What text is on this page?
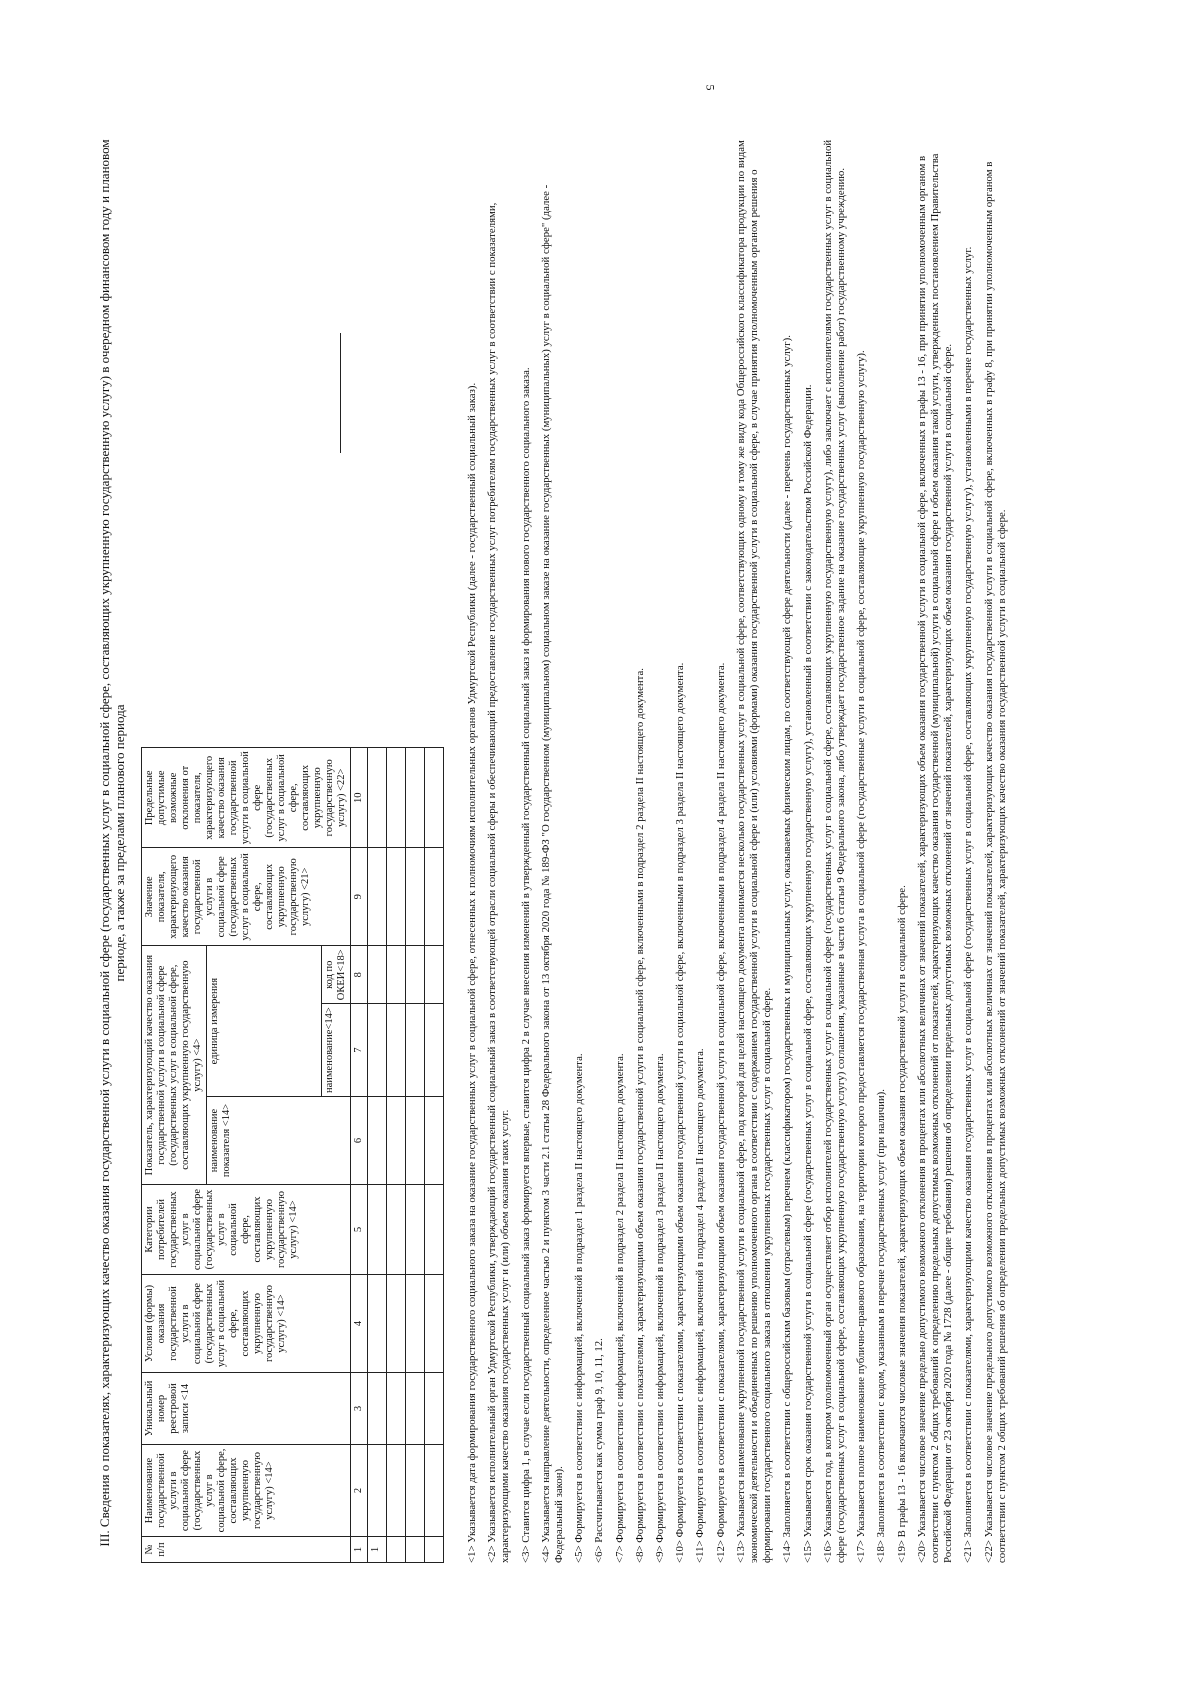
5
III. Сведения о показателях, характеризующих качество оказания государственной услуги в социальной сфере (государственных услуг в социальной сфере, составляющих укрупненную государственную услугу) в очередном финансовом году и плановом периоде, а также за пределами планового периода
№ п/п	Наименование государственной услуги в социальной сфере (государственных услуг в социальной сфере, составляющих укрупненную государственную услугу) <14>	Уникальный номер реестровой записи <14	Условия (формы) оказания государственной услуги в социальной сфере (государственных услуг в социальной сфере, составляющих укрупненную государственную услугу) <14>	Категории потребителей государственных услуг в социальной сфере (государственных услуг в социальной сфере, составляющих укрупненную государственную услугу) <14>	Показатель, характеризующий качество оказания государственной услуги в социальной сфере (государственных услуг в социальной сфере, составляющих укрупненную государственную услугу) <4>			Значение показателя, характеризующего качество оказания государственной услуги в социальной сфере (государственных услуг в социальной сфере, составляющих укрупненную государственную услугу) <21>	Предельные допустимые возможные отклонения от показателя, характеризующего качество оказания государственной услуги в социальной сфере (государственных услуг в социальной сфере, составляющих укрупненную государственную услугу) <22>
					наименование показателя <14>	единица измерения			
						наименование<14>	код по ОКЕИ<18>		
1	2	3	4	5	6	7	8	9	10
1									

										<1> Указывается дата формирования государственного социального заказа на оказание государственных услуг в социальной сфере, отнесенных к полномочиям исполнительных органов Удмуртской Республики (далее - государственный социальный заказ). <2> Указывается исполнительный орган Удмуртской Республики, утверждающий государственный социальный заказ в соответствующей отрасли социальной сферы и обеспечивающий предоставление государственных услуг потребителям государственных услуг в соответствии с показателями, характеризующими качество оказания государственных услуг и (или) объем оказания таких услуг. <3> Ставится цифра 1, в случае если государственный социальный заказ формируется впервые, ставится цифра 2 в случае внесения изменений в утвержденный государственный социальный заказ и формирования нового государственного социального заказа. <4> Указывается направление деятельности, определенное частью 2 и пунктом 3 части 2.1 статьи 28 Федерального закона от 13 октября 2020 года № 189-ФЗ "О государственном (муниципальном) социальном заказе на оказание государственных (муниципальных) услуг в социальной сфере" (далее - Федеральный закон). <5> Формируется в соответствии с информацией, включенной в подраздел 1 раздела II настоящего документа. <6> Рассчитывается как сумма граф 9, 10, 11, 12. <7> Формируется в соответствии с информацией, включенной в подраздел 2 раздела II настоящего документа. <8> Формируется в соответствии с показателями, характеризующими объем оказания государственной услуги в социальной сфере, включенными в подраздел 2 раздела II настоящего документа. <9> Формируется в соответствии с информацией, включенной в подраздел 3 раздела II настоящего документа. <10> Формируется в соответствии с показателями, характеризующими объем оказания государственной услуги в социальной сфере, включенными в подраздел 3 раздела II настоящего документа. <11> Формируется в соответствии с информацией, включенной в подраздел 4 раздела II настоящего документа. <12> Формируется в соответствии с показателями, характеризующими объем оказания государственной услуги в социальной сфере, включенными в подраздел 4 раздела II настоящего документа. <13> Указывается наименование укрупненной государственной услуги в социальной сфере, под которой для целей настоящего документа понимается несколько государственных услуг в социальной сфере, соответствующих одному и тому же виду кода Общероссийского классификатора продукции по видам экономической деятельности и объединенных по решению уполномоченного органа в соответствии с содержанием государственной услуги в социальной сфере и (или) условиями (формами) оказания государственной услуги в социальной сфере, в случае принятия уполномоченным органом решения о формировании государственного социального заказа в отношении укрупненных государственных услуг в социальной сфере. <14> Заполняется в соответствии с общероссийским базовым (отраслевым) перечнем (классификатором) государственных и муниципальных услуг, оказываемых физическим лицам, по соответствующей сфере деятельности (далее - перечень государственных услуг). <15> Указывается срок оказания государственной услуги в социальной сфере (государственных услуг в социальной сфере, составляющих укрупненную государственную услугу), установленный в соответствии с законодательством Российской Федерации. <16> Указывается год, в котором уполномоченный орган осуществляет отбор исполнителей государственных услуг в социальной сфере (государственных услуг в социальной сфере, составляющих укрупненную государственную услугу), либо заключает с исполнителями государственных услуг в социальной сфере (государственных услуг в социальной сфере, составляющих укрупненную государственную услугу) соглашения, указанные в части 6 статьи 9 Федерального закона, либо утверждает государственное задание на оказание государственных услуг (выполнение работ) государственному учреждению. <17> Указывается полное наименование публично-правового образования, на территории которого предоставляется государственная услуга в социальной сфере (государственные услуги в социальной сфере, составляющие укрупненную государственную услугу). <18> Заполняется в соответствии с кодом, указанным в перечне государственных услуг (при наличии). <19> В графы 13 - 16 включаются числовые значения показателей, характеризующих объем оказания государственной услуги в социальной сфере. <20> Указывается числовое значение предельно допустимого возможного отклонения в процентах или абсолютных величинах от значений показателей, характеризующих объем оказания государственной услуги в социальной сфере, включенных в графы 13 - 16, при принятии уполномоченным органом в соответствии с пунктом 2 общих требований к определению предельных допустимых возможных отклонений от показателей, характеризующих качество оказания государственной (муниципальной) услуги в социальной сфере и объем оказания такой услуги, утвержденных постановлением Правительства Российской Федерации от 23 октября 2020 года № 1728 (далее - общие требования) решения об определении предельных допустимых возможных отклонений от значений показателей, характеризующих объем оказания государственной услуги в социальной сфере. <21> Заполняется в соответствии с показателями, характеризующими качество оказания государственных услуг в социальной сфере (государственных услуг в социальной сфере, составляющих укрупненную государственную услугу), установленными в перечне государственных услуг. <22> Указывается числовое значение предельного допустимого возможного отклонения в процентах или абсолютных величинах от значений показателей, характеризующих качество оказания государственной услуги в социальной сфере, включенных в графу 8, при принятии уполномоченным органом в соответствии с пунктом 2 общих требований решения об определении предельных допустимых возможных отклонений от значений показателей, характеризующих качество оказания государственной услуги в социальной сфере.
